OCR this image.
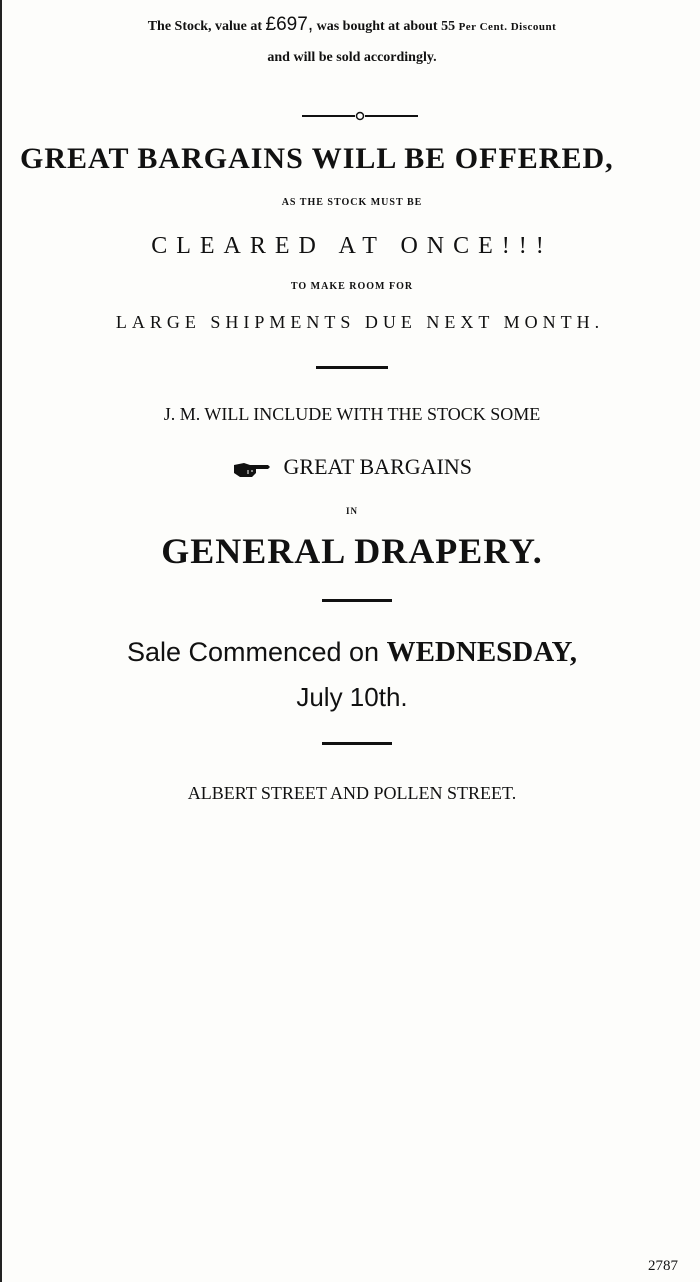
The Stock, value at £697, was bought at about 55 Per Cent. Discount
and will be sold accordingly.
GREAT BARGAINS WILL BE OFFERED,
AS THE STOCK MUST BE
CLEARED AT ONCE!!!
TO MAKE ROOM FOR
LARGE SHIPMENTS DUE NEXT MONTH.
J. M. WILL INCLUDE WITH THE STOCK SOME
GREAT BARGAINS
IN
GENERAL DRAPERY.
Sale Commenced on WEDNESDAY,
July 10th.
ALBERT STREET AND POLLEN STREET.
2787
